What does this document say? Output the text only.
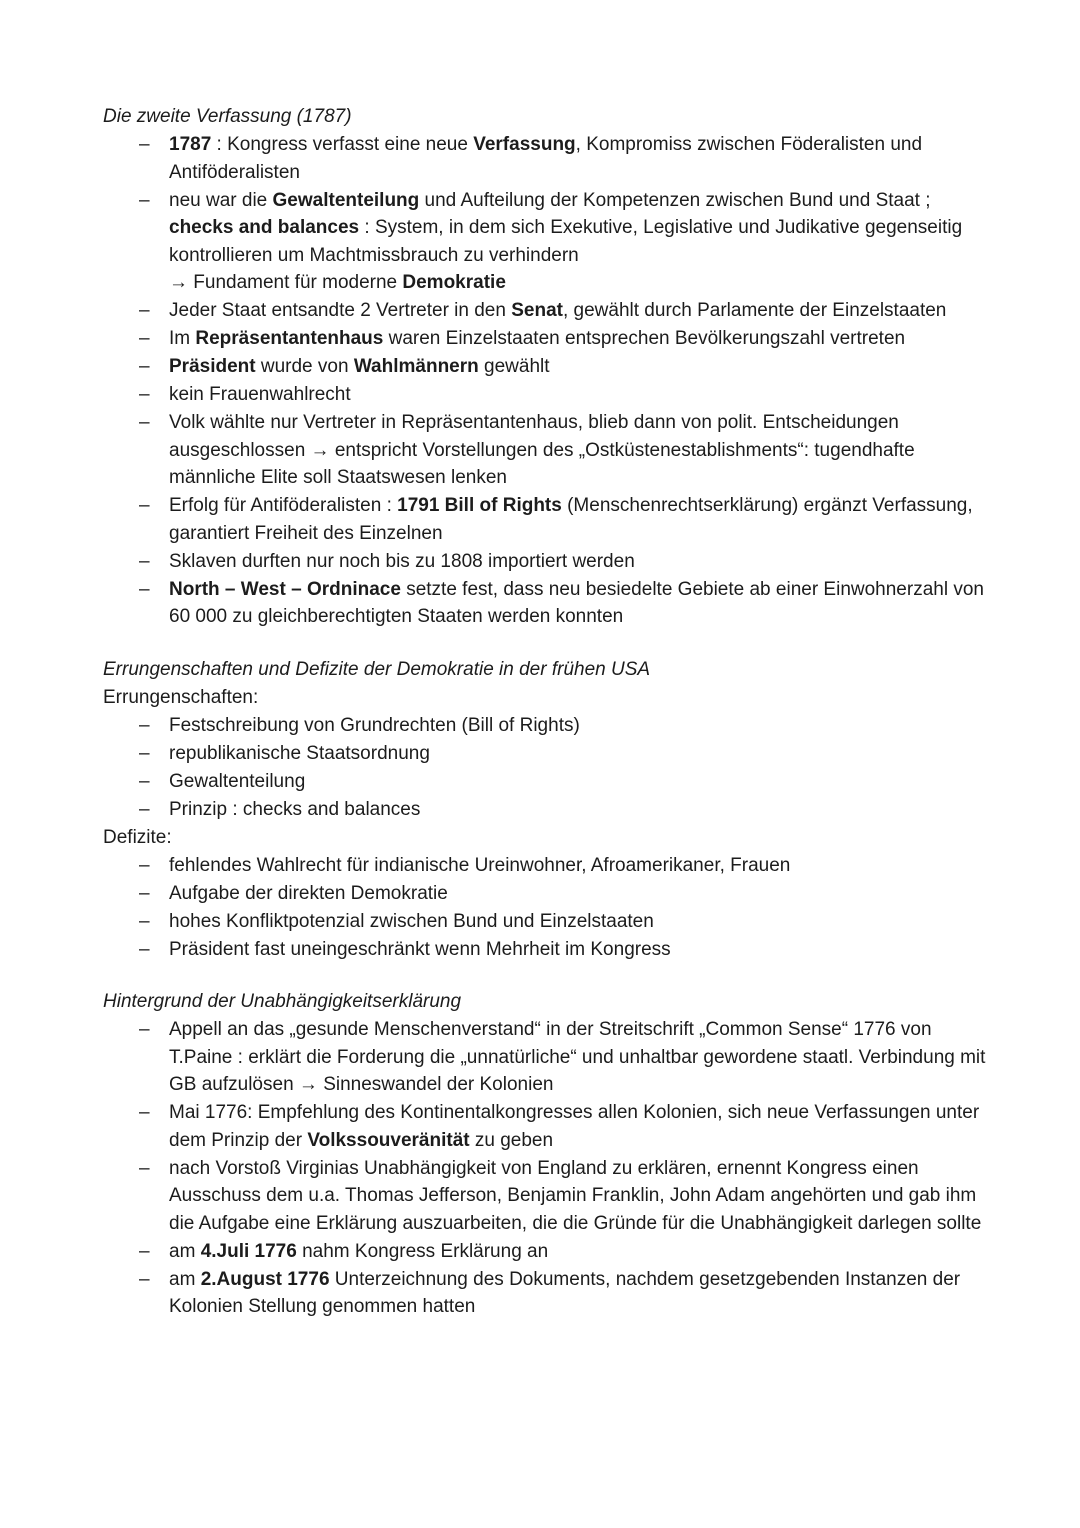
Die zweite Verfassung (1787)

– 1787 : Kongress verfasst eine neue Verfassung, Kompromiss zwischen Föderalisten und Antiföderalisten
– neu war die Gewaltenteilung und Aufteilung der Kompetenzen zwischen Bund und Staat ; checks and balances : System, in dem sich Exekutive, Legislative und Judikative gegenseitig kontrollieren um Machtmissbrauch zu verhindern
→ Fundament für moderne Demokratie
– Jeder Staat entsandte 2 Vertreter in den Senat, gewählt durch Parlamente der Einzelstaaten
– Im Repräsentantenhaus waren Einzelstaaten entsprechen Bevölkerungszahl vertreten
– Präsident wurde von Wahlmännern gewählt
– kein Frauenwahlrecht
– Volk wählte nur Vertreter in Repräsentantenhaus, blieb dann von polit. Entscheidungen ausgeschlossen → entspricht Vorstellungen des „Ostküstenestablishments“: tugendhafte männliche Elite soll Staatswesen lenken
– Erfolg für Antiföderalisten : 1791 Bill of Rights (Menschenrechtserklärung) ergänzt Verfassung, garantiert Freiheit des Einzelnen
– Sklaven durften nur noch bis zu 1808 importiert werden
– North – West – Ordninace setzte fest, dass neu besiedelte Gebiete ab einer Einwohnerzahl von 60 000 zu gleichberechtigten Staaten werden konnten

Errungenschaften und Defizite der Demokratie in der frühen USA

Errungenschaften:

– Festschreibung von Grundrechten (Bill of Rights)
– republikanische Staatsordnung
– Gewaltenteilung
– Prinzip : checks and balances

Defizite:

– fehlendes Wahlrecht für indianische Ureinwohner, Afroamerikaner, Frauen
– Aufgabe der direkten Demokratie
– hohes Konfliktpotenzial zwischen Bund und Einzelstaaten
– Präsident fast uneingeschränkt wenn Mehrheit im Kongress

Hintergrund der Unabhängigkeitserklärung

– Appell an das „gesunde Menschenverstand“ in der Streitschrift „Common Sense“ 1776 von T.Paine : erklärt die Forderung die „unnatürliche“ und unhaltbar gewordene staatl. Verbindung mit GB aufzulösen → Sinneswandel der Kolonien
– Mai 1776: Empfehlung des Kontinentalkongresses allen Kolonien, sich neue Verfassungen unter dem Prinzip der Volkssouveränität zu geben
– nach Vorstoß Virginias Unabhängigkeit von England zu erklären, ernennt Kongress einen Ausschuss dem u.a. Thomas Jefferson, Benjamin Franklin, John Adam angehörten und gab ihm die Aufgabe eine Erklärung auszuarbeiten, die die Gründe für die Unabhängigkeit darlegen sollte
– am 4.Juli 1776 nahm Kongress Erklärung an
– am 2.August 1776 Unterzeichnung des Dokuments, nachdem gesetzgebenden Instanzen der Kolonien Stellung genommen hatten
